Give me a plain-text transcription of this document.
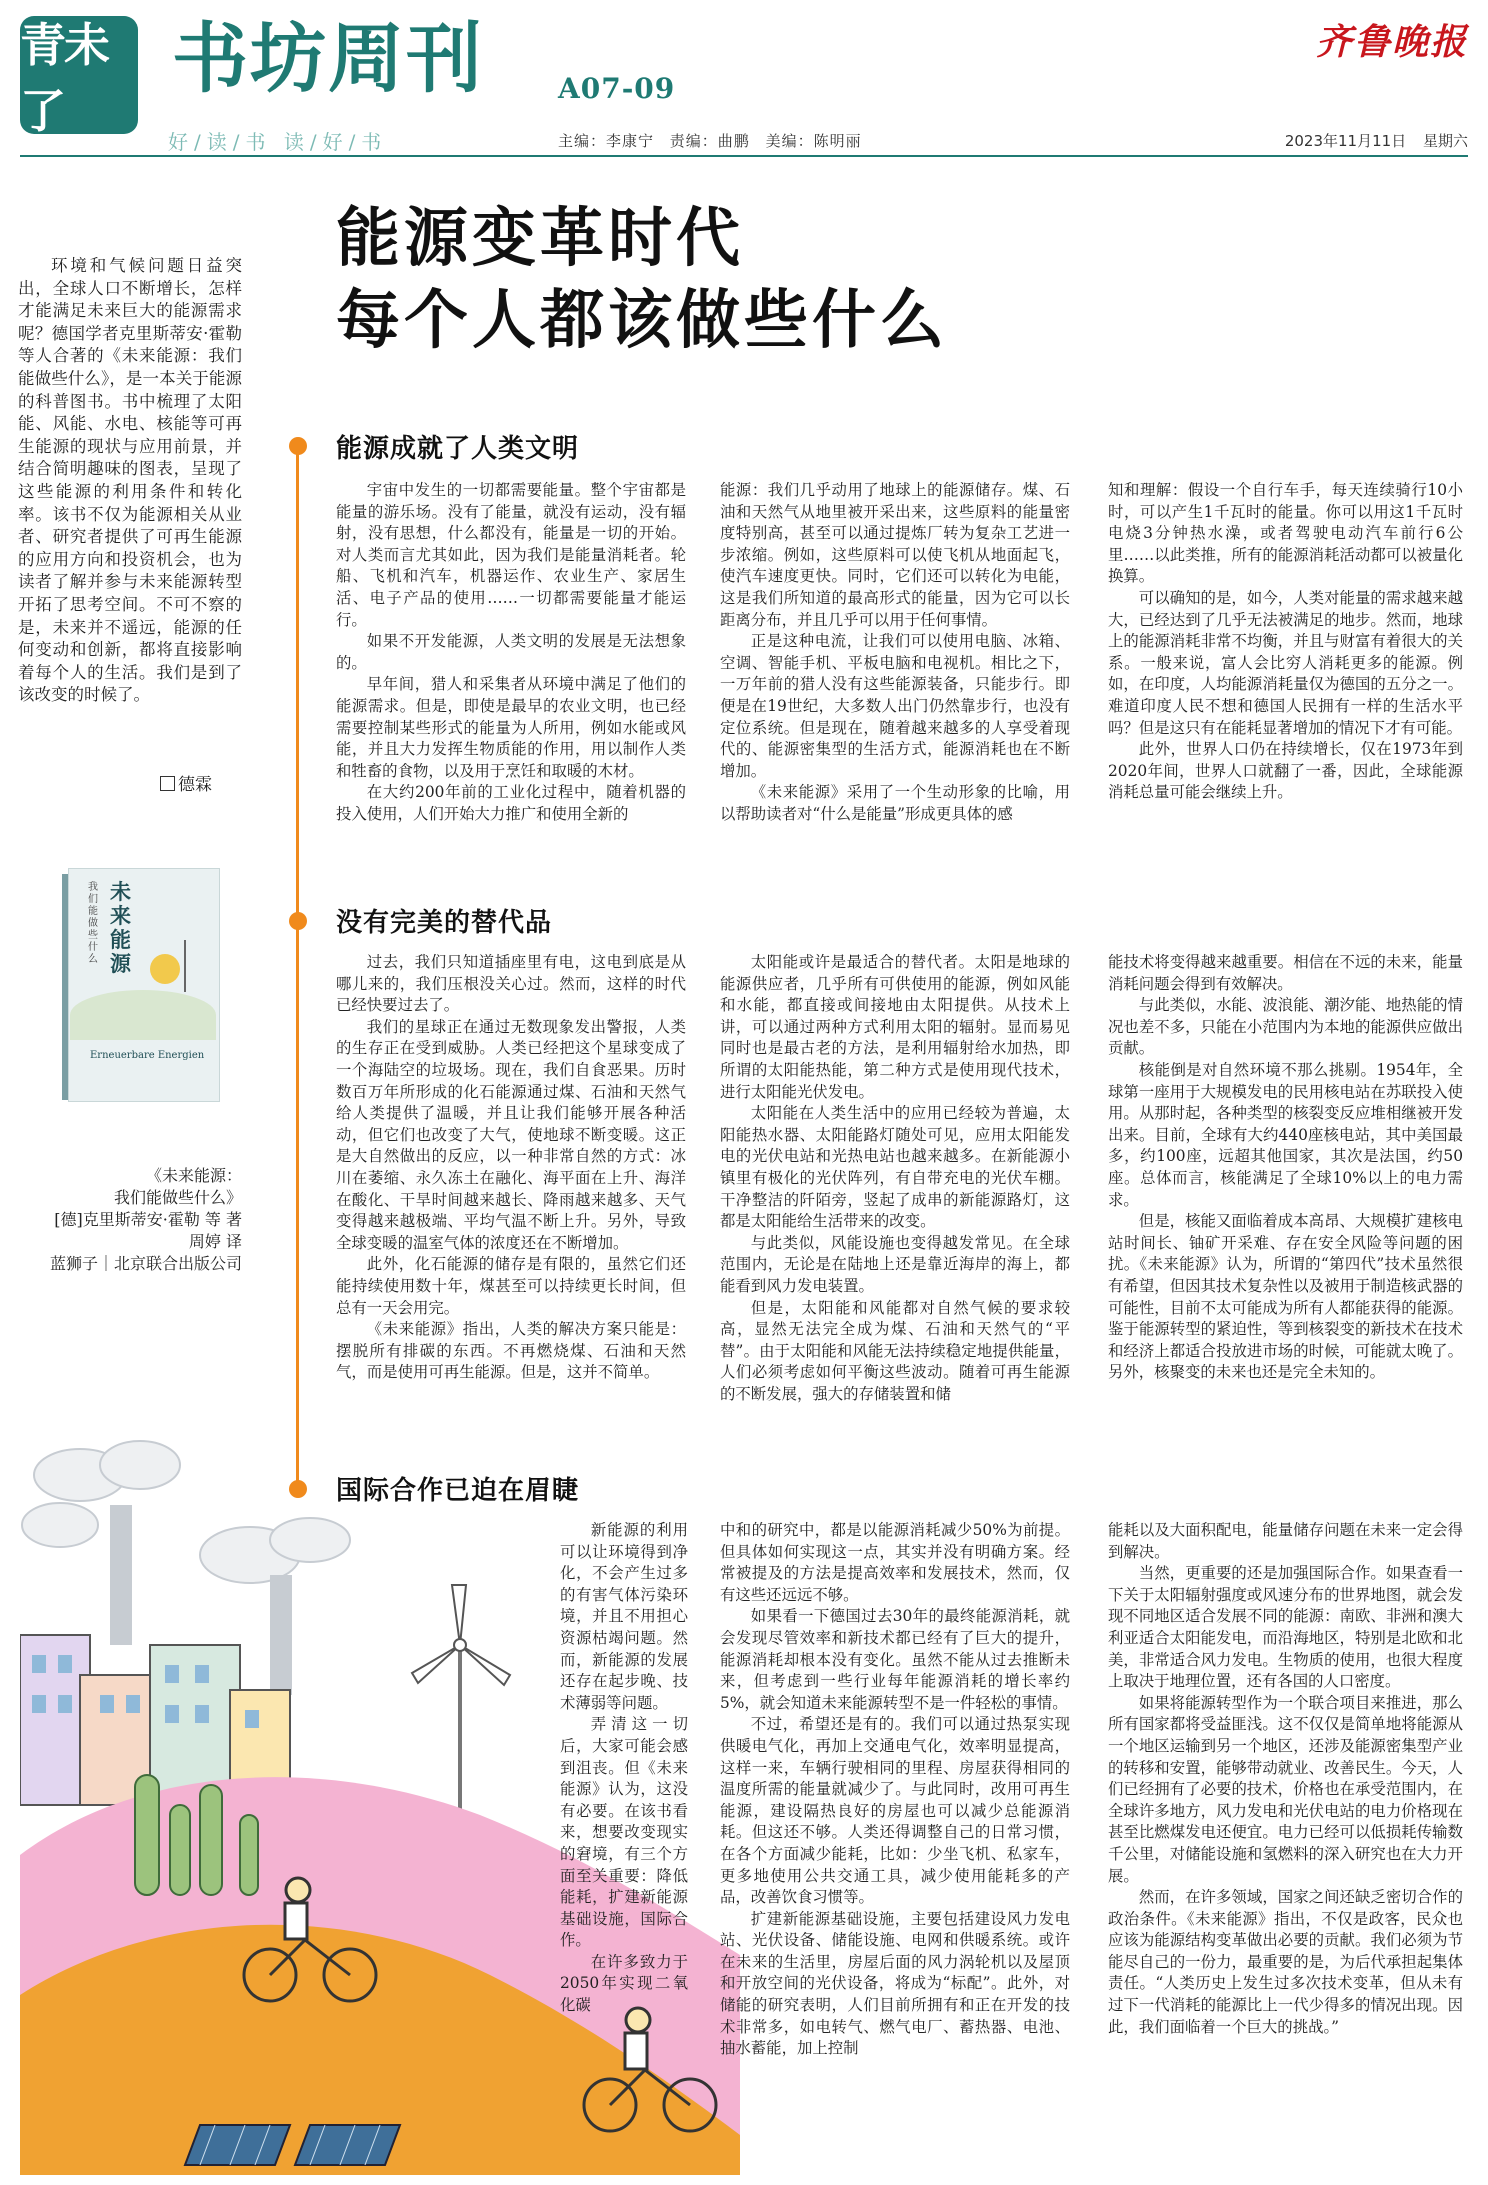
青未了
书坊周刊	A07-09
齐鲁晚报
好/读/书 读/好/书	主编：李康宁 责编：曲鹏 美编：陈明丽	2023年11月11日 星期六
环境和气候问题日益突出，全球人口不断增长，怎样才能满足未来巨大的能源需求呢？德国学者克里斯蒂安·霍勒等人合著的《未来能源：我们能做些什么》，是一本关于能源的科普图书。书中梳理了太阳能、风能、水电、核能等可再生能源的现状与应用前景，并结合简明趣味的图表，呈现了这些能源的利用条件和转化率。该书不仅为能源相关从业者、研究者提供了可再生能源的应用方向和投资机会，也为读者了解并参与未来能源转型开拓了思考空间。不可不察的是，未来并不遥远，能源的任何变动和创新，都将直接影响着每个人的生活。我们是到了该改变的时候了。
德霖
未来能源
我们能做些什么
Erneuerbare Energien
《未来能源：
我们能做些什么》
[德]克里斯蒂安·霍勒 等 著
周婷 译
蓝狮子｜北京联合出版公司
能源变革时代
每个人都该做些什么
能源成就了人类文明

宇宙中发生的一切都需要能量。整个宇宙都是能量的游乐场。没有了能量，就没有运动，没有辐射，没有思想，什么都没有，能量是一切的开始。对人类而言尤其如此，因为我们是能量消耗者。轮船、飞机和汽车，机器运作、农业生产、家居生活、电子产品的使用……一切都需要能量才能运行。

如果不开发能源，人类文明的发展是无法想象的。

早年间，猎人和采集者从环境中满足了他们的能源需求。但是，即使是最早的农业文明，也已经需要控制某些形式的能量为人所用，例如水能或风能，并且大力发挥生物质能的作用，用以制作人类和牲畜的食物，以及用于烹饪和取暖的木材。

在大约200年前的工业化过程中，随着机器的投入使用，人们开始大力推广和使用全新的

能源：我们几乎动用了地球上的能源储存。煤、石油和天然气从地里被开采出来，这些原料的能量密度特别高，甚至可以通过提炼厂转为复杂工艺进一步浓缩。例如，这些原料可以使飞机从地面起飞，使汽车速度更快。同时，它们还可以转化为电能，这是我们所知道的最高形式的能量，因为它可以长距离分布，并且几乎可以用于任何事情。

正是这种电流，让我们可以使用电脑、冰箱、空调、智能手机、平板电脑和电视机。相比之下，一万年前的猎人没有这些能源装备，只能步行。即便是在19世纪，大多数人出门仍然靠步行，也没有定位系统。但是现在，随着越来越多的人享受着现代的、能源密集型的生活方式，能源消耗也在不断增加。

《未来能源》采用了一个生动形象的比喻，用以帮助读者对“什么是能量”形成更具体的感

知和理解：假设一个自行车手，每天连续骑行10小时，可以产生1千瓦时的能量。你可以用这1千瓦时电烧3分钟热水澡，或者驾驶电动汽车前行6公里……以此类推，所有的能源消耗活动都可以被量化换算。

可以确知的是，如今，人类对能量的需求越来越大，已经达到了几乎无法被满足的地步。然而，地球上的能源消耗非常不均衡，并且与财富有着很大的关系。一般来说，富人会比穷人消耗更多的能源。例如，在印度，人均能源消耗量仅为德国的五分之一。难道印度人民不想和德国人民拥有一样的生活水平吗？但是这只有在能耗显著增加的情况下才有可能。

此外，世界人口仍在持续增长，仅在1973年到2020年间，世界人口就翻了一番，因此，全球能源消耗总量可能会继续上升。

没有完美的替代品

过去，我们只知道插座里有电，这电到底是从哪儿来的，我们压根没关心过。然而，这样的时代已经快要过去了。

我们的星球正在通过无数现象发出警报，人类的生存正在受到威胁。人类已经把这个星球变成了一个海陆空的垃圾场。现在，我们自食恶果。历时数百万年所形成的化石能源通过煤、石油和天然气给人类提供了温暖，并且让我们能够开展各种活动，但它们也改变了大气，使地球不断变暖。这正是大自然做出的反应，以一种非常自然的方式：冰川在萎缩、永久冻土在融化、海平面在上升、海洋在酸化、干旱时间越来越长、降雨越来越多、天气变得越来越极端、平均气温不断上升。另外，导致全球变暖的温室气体的浓度还在不断增加。

此外，化石能源的储存是有限的，虽然它们还能持续使用数十年，煤甚至可以持续更长时间，但总有一天会用完。

《未来能源》指出，人类的解决方案只能是：摆脱所有排碳的东西。不再燃烧煤、石油和天然气，而是使用可再生能源。但是，这并不简单。

太阳能或许是最适合的替代者。太阳是地球的能源供应者，几乎所有可供使用的能源，例如风能和水能，都直接或间接地由太阳提供。从技术上讲，可以通过两种方式利用太阳的辐射。显而易见同时也是最古老的方法，是利用辐射给水加热，即所谓的太阳能热能，第二种方式是使用现代技术，进行太阳能光伏发电。

太阳能在人类生活中的应用已经较为普遍，太阳能热水器、太阳能路灯随处可见，应用太阳能发电的光伏电站和光热电站也越来越多。在新能源小镇里有极化的光伏阵列，有自带充电的光伏车棚。干净整洁的阡陌旁，竖起了成串的新能源路灯，这都是太阳能给生活带来的改变。

与此类似，风能设施也变得越发常见。在全球范围内，无论是在陆地上还是靠近海岸的海上，都能看到风力发电装置。

但是，太阳能和风能都对自然气候的要求较高，显然无法完全成为煤、石油和天然气的“平替”。由于太阳能和风能无法持续稳定地提供能量，人们必须考虑如何平衡这些波动。随着可再生能源的不断发展，强大的存储装置和储

能技术将变得越来越重要。相信在不远的未来，能量消耗问题会得到有效解决。

与此类似，水能、波浪能、潮汐能、地热能的情况也差不多，只能在小范围内为本地的能源供应做出贡献。

核能倒是对自然环境不那么挑剔。1954年，全球第一座用于大规模发电的民用核电站在苏联投入使用。从那时起，各种类型的核裂变反应堆相继被开发出来。目前，全球有大约440座核电站，其中美国最多，约100座，远超其他国家，其次是法国，约50座。总体而言，核能满足了全球10%以上的电力需求。

但是，核能又面临着成本高昂、大规模扩建核电站时间长、铀矿开采难、存在安全风险等问题的困扰。《未来能源》认为，所谓的“第四代”技术虽然很有希望，但因其技术复杂性以及被用于制造核武器的可能性，目前不太可能成为所有人都能获得的能源。鉴于能源转型的紧迫性，等到核裂变的新技术在技术和经济上都适合投放进市场的时候，可能就太晚了。另外，核聚变的未来也还是完全未知的。

国际合作已迫在眉睫

新能源的利用可以让环境得到净化，不会产生过多的有害气体污染环境，并且不用担心资源枯竭问题。然而，新能源的发展还存在起步晚、技术薄弱等问题。

弄清这一切后，大家可能会感到沮丧。但《未来能源》认为，这没有必要。在该书看来，想要改变现实的窘境，有三个方面至关重要：降低能耗，扩建新能源基础设施，国际合作。

在许多致力于2050年实现二氧化碳

中和的研究中，都是以能源消耗减少50%为前提。但具体如何实现这一点，其实并没有明确方案。经常被提及的方法是提高效率和发展技术，然而，仅有这些还远远不够。

如果看一下德国过去30年的最终能源消耗，就会发现尽管效率和新技术都已经有了巨大的提升，能源消耗却根本没有变化。虽然不能从过去推断未来，但考虑到一些行业每年能源消耗的增长率约5%，就会知道未来能源转型不是一件轻松的事情。

不过，希望还是有的。我们可以通过热泵实现供暖电气化，再加上交通电气化，效率明显提高，这样一来，车辆行驶相同的里程、房屋获得相同的温度所需的能量就减少了。与此同时，改用可再生能源，建设隔热良好的房屋也可以减少总能源消耗。但这还不够。人类还得调整自己的日常习惯，在各个方面减少能耗，比如：少坐飞机、私家车，更多地使用公共交通工具，减少使用能耗多的产品，改善饮食习惯等。

扩建新能源基础设施，主要包括建设风力发电站、光伏设备、储能设施、电网和供暖系统。或许在未来的生活里，房屋后面的风力涡轮机以及屋顶和开放空间的光伏设备，将成为“标配”。此外，对储能的研究表明，人们目前所拥有和正在开发的技术非常多，如电转气、燃气电厂、蓄热器、电池、抽水蓄能，加上控制

能耗以及大面积配电，能量储存问题在未来一定会得到解决。

当然，更重要的还是加强国际合作。如果查看一下关于太阳辐射强度或风速分布的世界地图，就会发现不同地区适合发展不同的能源：南欧、非洲和澳大利亚适合太阳能发电，而沿海地区，特别是北欧和北美，非常适合风力发电。生物质的使用，也很大程度上取决于地理位置，还有各国的人口密度。

如果将能源转型作为一个联合项目来推进，那么所有国家都将受益匪浅。这不仅仅是简单地将能源从一个地区运输到另一个地区，还涉及能源密集型产业的转移和安置，能够带动就业、改善民生。今天，人们已经拥有了必要的技术，价格也在承受范围内，在全球许多地方，风力发电和光伏电站的电力价格现在甚至比燃煤发电还便宜。电力已经可以低损耗传输数千公里，对储能设施和氢燃料的深入研究也在大力开展。

然而，在许多领域，国家之间还缺乏密切合作的政治条件。《未来能源》指出，不仅是政客，民众也应该为能源结构变革做出必要的贡献。我们必须为节能尽自己的一份力，最重要的是，为后代承担起集体责任。“人类历史上发生过多次技术变革，但从未有过下一代消耗的能源比上一代少得多的情况出现。因此，我们面临着一个巨大的挑战。”
